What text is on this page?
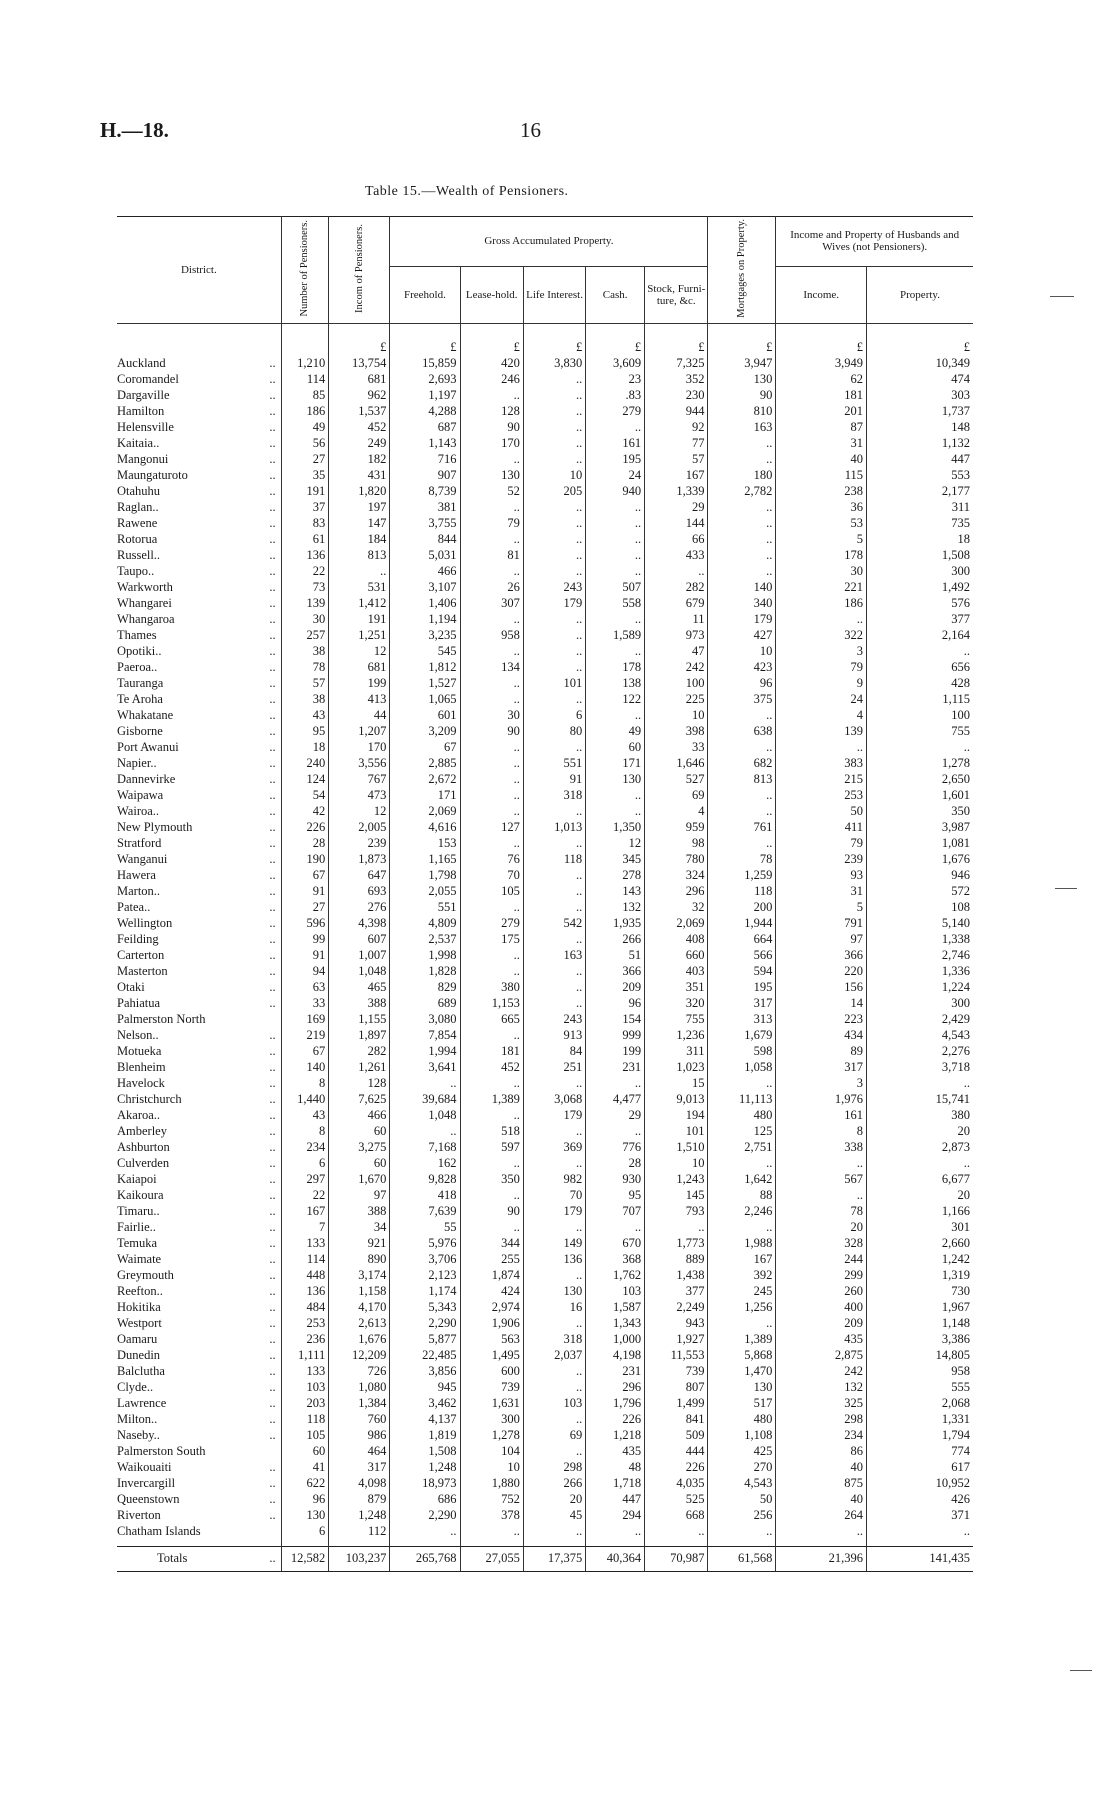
H.—18.	16
Table 15.—Wealth of Pensioners.
District.	Number of Pensioners.	Incom of Pensioners.	Gross Accumulated Property.					Mortgages on Property.	Income and Property of Husbands and Wives (not Pensioners).	
			Freehold.	Lease-hold.	Life Interest.	Cash.	Stock, Furni-ture, &c.		Income.	Property.
		£	£	£	£	£	£	£	£	£
Auckland ..	1,210	13,754	15,859	420	3,830	3,609	7,325	3,947	3,949	10,349
Coromandel ..	114	681	2,693	246	..	23	352	130	62	474
Dargaville ..	85	962	1,197	..	..	.83	230	90	181	303
Hamilton ..	186	1,537	4,288	128	..	279	944	810	201	1,737
Helensville ..	49	452	687	90	..	..	92	163	87	148
Kaitaia.. ..	56	249	1,143	170	..	161	77	..	31	1,132
Mangonui ..	27	182	716	..	..	195	57	..	40	447
Maungaturoto ..	35	431	907	130	10	24	167	180	115	553
Otahuhu ..	191	1,820	8,739	52	205	940	1,339	2,782	238	2,177
Raglan.. ..	37	197	381	..	..	..	29	..	36	311
Rawene ..	83	147	3,755	79	..	..	144	..	53	735
Rotorua ..	61	184	844	..	..	..	66	..	5	18
Russell.. ..	136	813	5,031	81	..	..	433	..	178	1,508
Taupo.. ..	22	..	466	..	..	..	..	..	30	300
Warkworth ..	73	531	3,107	26	243	507	282	140	221	1,492
Whangarei ..	139	1,412	1,406	307	179	558	679	340	186	576
Whangaroa ..	30	191	1,194	..	..	..	11	179	..	377
Thames ..	257	1,251	3,235	958	..	1,589	973	427	322	2,164
Opotiki.. ..	38	12	545	..	..	..	47	10	3	..
Paeroa.. ..	78	681	1,812	134	..	178	242	423	79	656
Tauranga ..	57	199	1,527	..	101	138	100	96	9	428
Te Aroha ..	38	413	1,065	..	..	122	225	375	24	1,115
Whakatane ..	43	44	601	30	6	..	10	..	4	100
Gisborne ..	95	1,207	3,209	90	80	49	398	638	139	755
Port Awanui ..	18	170	67	..	..	60	33	..	..	..
Napier.. ..	240	3,556	2,885	..	551	171	1,646	682	383	1,278
Dannevirke ..	124	767	2,672	..	91	130	527	813	215	2,650
Waipawa ..	54	473	171	..	318	..	69	..	253	1,601
Wairoa.. ..	42	12	2,069	..	..	..	4	..	50	350
New Plymouth ..	226	2,005	4,616	127	1,013	1,350	959	761	411	3,987
Stratford ..	28	239	153	..	..	12	98	..	79	1,081
Wanganui ..	190	1,873	1,165	76	118	345	780	78	239	1,676
Hawera ..	67	647	1,798	70	..	278	324	1,259	93	946
Marton.. ..	91	693	2,055	105	..	143	296	118	31	572
Patea.. ..	27	276	551	..	..	132	32	200	5	108
Wellington ..	596	4,398	4,809	279	542	1,935	2,069	1,944	791	5,140
Feilding ..	99	607	2,537	175	..	266	408	664	97	1,338
Carterton ..	91	1,007	1,998	..	163	51	660	566	366	2,746
Masterton ..	94	1,048	1,828	..	..	366	403	594	220	1,336
Otaki ..	63	465	829	380	..	209	351	195	156	1,224
Pahiatua ..	33	388	689	1,153	..	96	320	317	14	300
Palmerston North	169	1,155	3,080	665	243	154	755	313	223	2,429
Nelson.. ..	219	1,897	7,854	..	913	999	1,236	1,679	434	4,543
Motueka ..	67	282	1,994	181	84	199	311	598	89	2,276
Blenheim ..	140	1,261	3,641	452	251	231	1,023	1,058	317	3,718
Havelock ..	8	128	..	..	..	..	15	..	3	..
Christchurch ..	1,440	7,625	39,684	1,389	3,068	4,477	9,013	11,113	1,976	15,741
Akaroa.. ..	43	466	1,048	..	179	29	194	480	161	380
Amberley ..	8	60	..	518	..	..	101	125	8	20
Ashburton ..	234	3,275	7,168	597	369	776	1,510	2,751	338	2,873
Culverden ..	6	60	162	..	..	28	10	..	..	..
Kaiapoi ..	297	1,670	9,828	350	982	930	1,243	1,642	567	6,677
Kaikoura ..	22	97	418	..	70	95	145	88	..	20
Timaru.. ..	167	388	7,639	90	179	707	793	2,246	78	1,166
Fairlie.. ..	7	34	55	..	..	..	..	..	20	301
Temuka ..	133	921	5,976	344	149	670	1,773	1,988	328	2,660
Waimate ..	114	890	3,706	255	136	368	889	167	244	1,242
Greymouth ..	448	3,174	2,123	1,874	..	1,762	1,438	392	299	1,319
Reefton.. ..	136	1,158	1,174	424	130	103	377	245	260	730
Hokitika ..	484	4,170	5,343	2,974	16	1,587	2,249	1,256	400	1,967
Westport ..	253	2,613	2,290	1,906	..	1,343	943	..	209	1,148
Oamaru ..	236	1,676	5,877	563	318	1,000	1,927	1,389	435	3,386
Dunedin ..	1,111	12,209	22,485	1,495	2,037	4,198	11,553	5,868	2,875	14,805
Balclutha ..	133	726	3,856	600	..	231	739	1,470	242	958
Clyde.. ..	103	1,080	945	739	..	296	807	130	132	555
Lawrence ..	203	1,384	3,462	1,631	103	1,796	1,499	517	325	2,068
Milton.. ..	118	760	4,137	300	..	226	841	480	298	1,331
Naseby.. ..	105	986	1,819	1,278	69	1,218	509	1,108	234	1,794
Palmerston South	60	464	1,508	104	..	435	444	425	86	774
Waikouaiti ..	41	317	1,248	10	298	48	226	270	40	617
Invercargill ..	622	4,098	18,973	1,880	266	1,718	4,035	4,543	875	10,952
Queenstown ..	96	879	686	752	20	447	525	50	40	426
Riverton ..	130	1,248	2,290	378	45	294	668	256	264	371
Chatham Islands	6	112	..	..	..	..	..	..	..	..
Totals ..	12,582	103,237	265,768	27,055	17,375	40,364	70,987	61,568	21,396	141,435
